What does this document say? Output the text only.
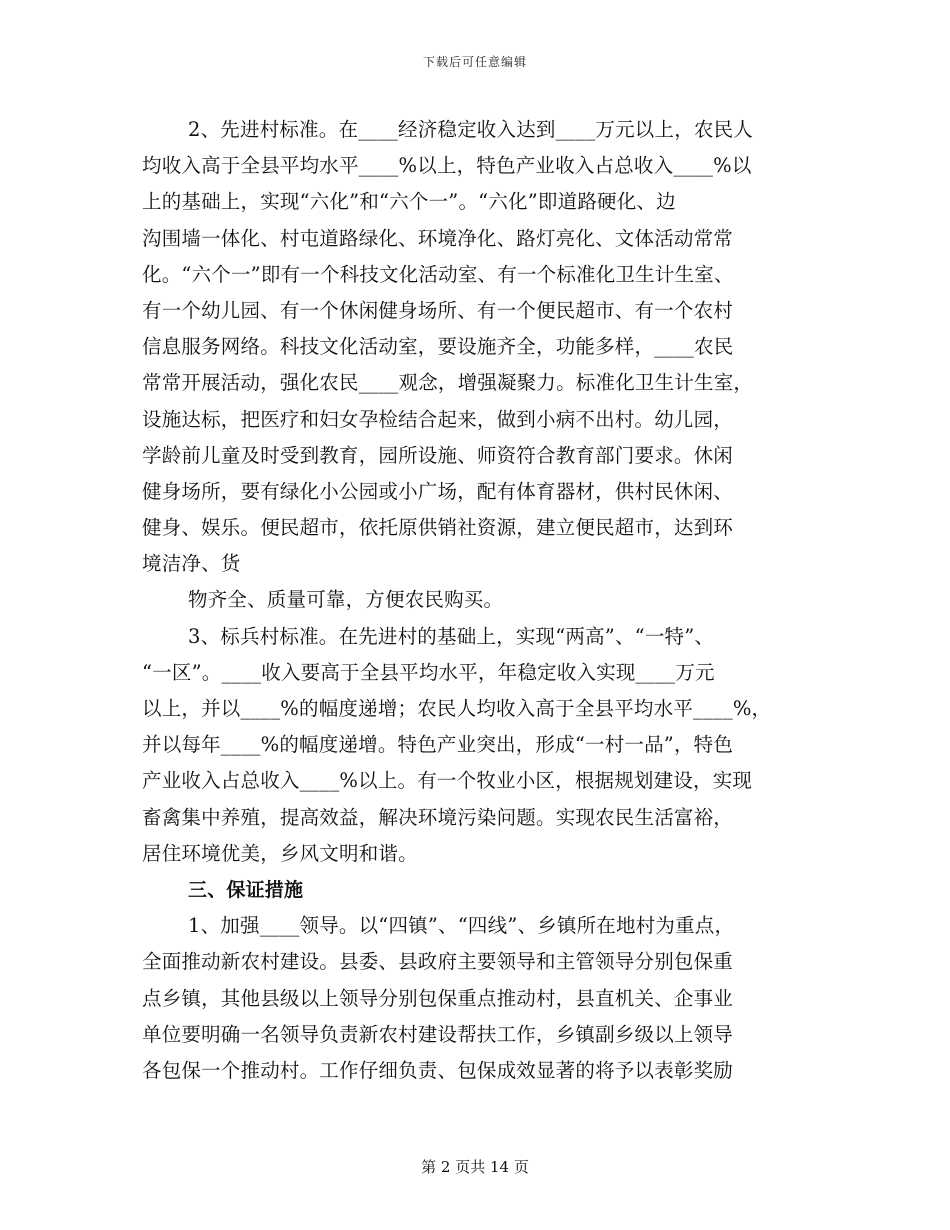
下载后可任意编辑
2、先进村标准。在____经济稳定收入达到____万元以上，农民人
均收入高于全县平均水平____%以上，特色产业收入占总收入____%以
上的基础上，实现“六化”和“六个一”。“六化”即道路硬化、边
沟围墙一体化、村屯道路绿化、环境净化、路灯亮化、文体活动常常
化。“六个一”即有一个科技文化活动室、有一个标准化卫生计生室、
有一个幼儿园、有一个休闲健身场所、有一个便民超市、有一个农村
信息服务网络。科技文化活动室，要设施齐全，功能多样，____农民
常常开展活动，强化农民____观念，增强凝聚力。标准化卫生计生室，
设施达标，把医疗和妇女孕检结合起来，做到小病不出村。幼儿园，
学龄前儿童及时受到教育，园所设施、师资符合教育部门要求。休闲
健身场所，要有绿化小公园或小广场，配有体育器材，供村民休闲、
健身、娱乐。便民超市，依托原供销社资源，建立便民超市，达到环
境洁净、货
物齐全、质量可靠，方便农民购买。
3、标兵村标准。在先进村的基础上，实现“两高”、“一特”、
“一区”。____收入要高于全县平均水平，年稳定收入实现____万元
以上，并以____%的幅度递增；农民人均收入高于全县平均水平____%，
并以每年____%的幅度递增。特色产业突出，形成“一村一品”，特色
产业收入占总收入____%以上。有一个牧业小区，根据规划建设，实现
畜禽集中养殖，提高效益，解决环境污染问题。实现农民生活富裕，
居住环境优美，乡风文明和谐。
三、保证措施
1、加强____领导。以“四镇”、“四线”、乡镇所在地村为重点，
全面推动新农村建设。县委、县政府主要领导和主管领导分别包保重
点乡镇，其他县级以上领导分别包保重点推动村，县直机关、企事业
单位要明确一名领导负责新农村建设帮扶工作，乡镇副乡级以上领导
各包保一个推动村。工作仔细负责、包保成效显著的将予以表彰奖励
第 2 页共 14 页
